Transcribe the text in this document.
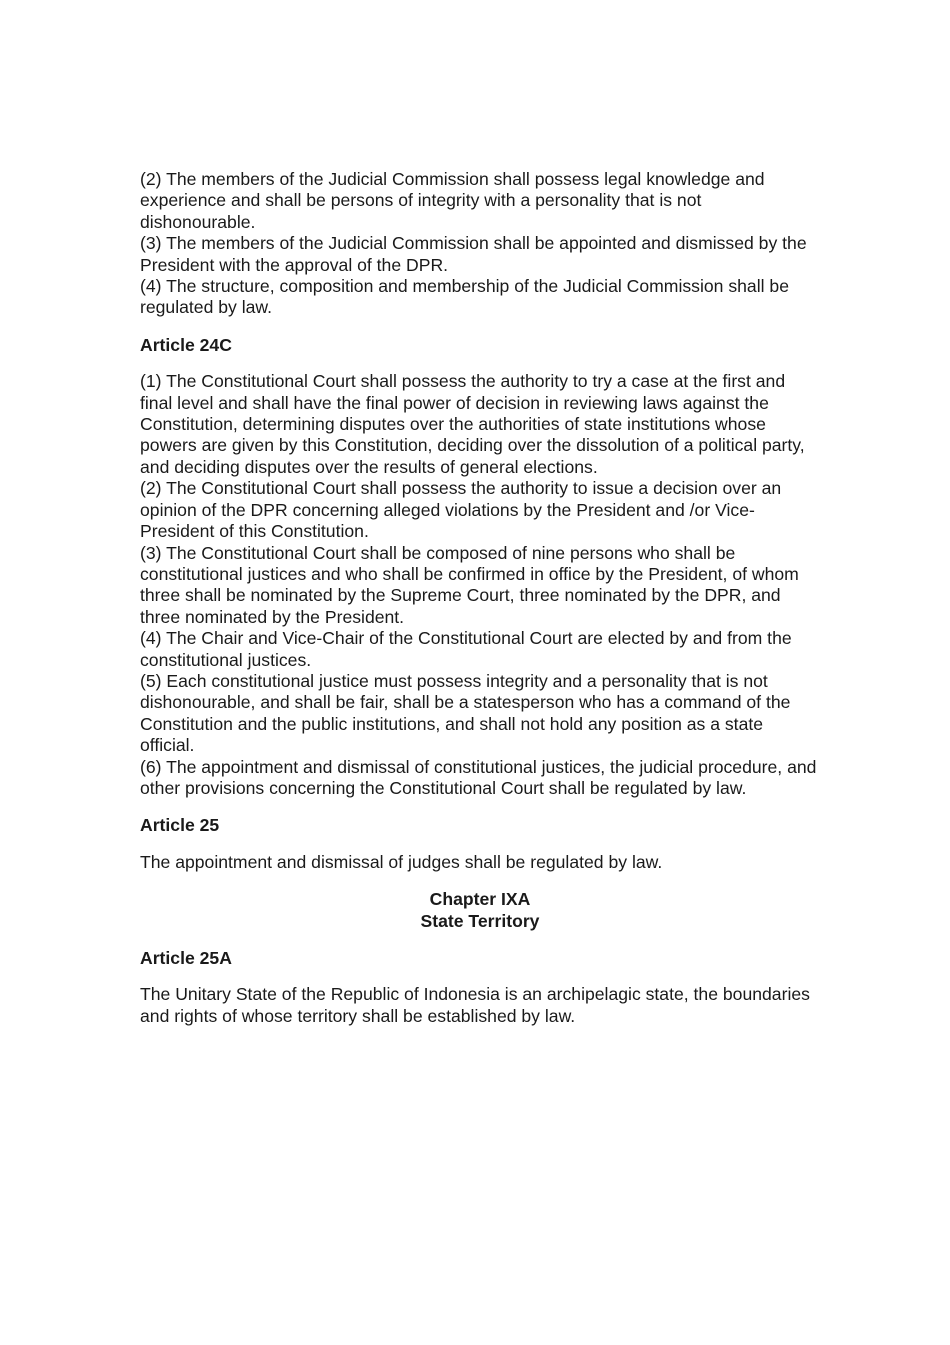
(2) The members of the Judicial Commission shall possess legal knowledge and experience and shall be persons of integrity with a personality that is not dishonourable.

(3) The members of the Judicial Commission shall be appointed and dismissed by the President with the approval of the DPR.

(4) The structure, composition and membership of the Judicial Commission shall be regulated by law.

Article 24C

(1) The Constitutional Court shall possess the authority to try a case at the first and final level and shall have the final power of decision in reviewing laws against the Constitution, determining disputes over the authorities of state institutions whose powers are given by this Constitution, deciding over the dissolution of a political party, and deciding disputes over the results of general elections.

(2) The Constitutional Court shall possess the authority to issue a decision over an opinion of the DPR concerning alleged violations by the President and /or Vice-President of this Constitution.

(3) The Constitutional Court shall be composed of nine persons who shall be constitutional justices and who shall be confirmed in office by the President, of whom three shall be nominated by the Supreme Court, three nominated by the DPR, and three nominated by the President.

(4) The Chair and Vice-Chair of the Constitutional Court are elected by and from the constitutional justices.

(5) Each constitutional justice must possess integrity and a personality that is not dishonourable, and shall be fair, shall be a statesperson who has a command of the Constitution and the public institutions, and shall not hold any position as a state official.

(6) The appointment and dismissal of constitutional justices, the judicial procedure, and other provisions concerning the Constitutional Court shall be regulated by law.

Article 25

The appointment and dismissal of judges shall be regulated by law.

Chapter IXA
State Territory
Article 25A

The Unitary State of the Republic of Indonesia is an archipelagic state, the boundaries and rights of whose territory shall be established by law.
